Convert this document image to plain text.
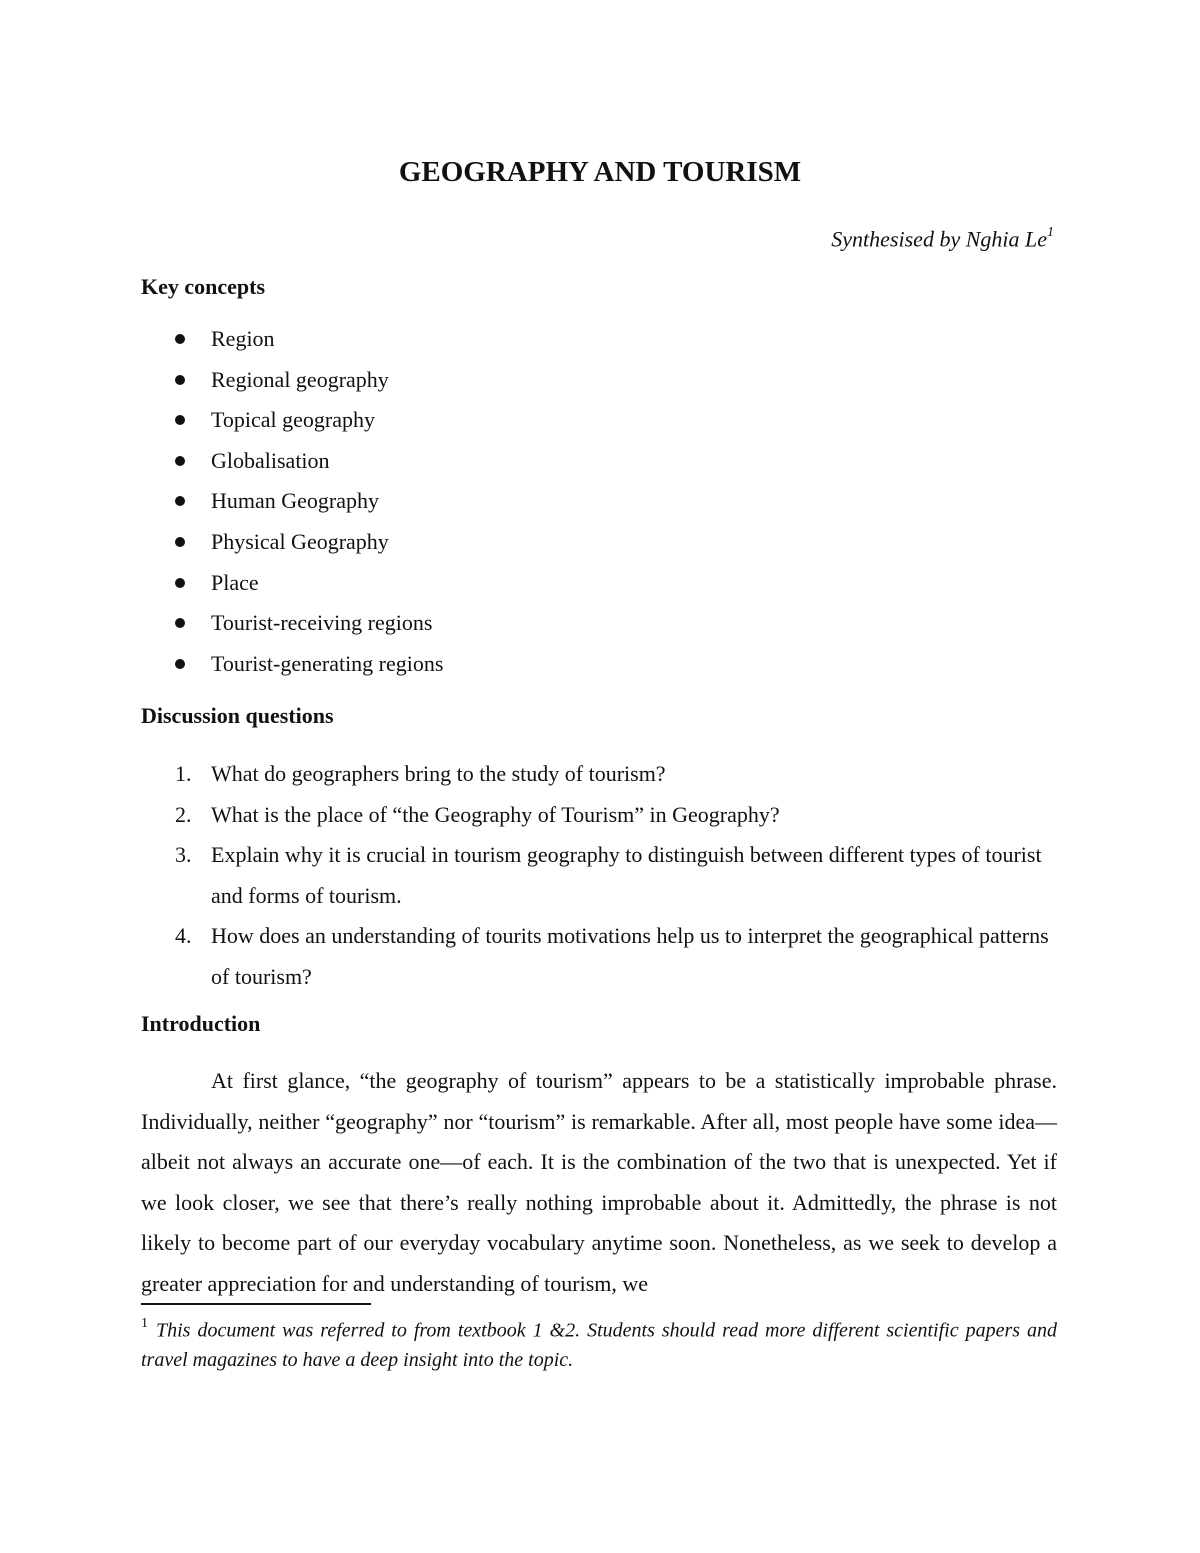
GEOGRAPHY AND TOURISM
Synthesised by Nghia Le$^1$
Key concepts
Region
Regional geography
Topical geography
Globalisation
Human Geography
Physical Geography
Place
Tourist-receiving regions
Tourist-generating regions
Discussion questions
1. What do geographers bring to the study of tourism?
2. What is the place of “the Geography of Tourism” in Geography?
3. Explain why it is crucial in tourism geography to distinguish between different types of tourist and forms of tourism.
4. How does an understanding of tourits motivations help us to interpret the geographical patterns of tourism?
Introduction

At first glance, “the geography of tourism” appears to be a statistically improbable phrase. Individually, neither “geography” nor “tourism” is remarkable. After all, most people have some idea—albeit not always an accurate one—of each. It is the combination of the two that is unexpected. Yet if we look closer, we see that there’s really nothing improbable about it. Admittedly, the phrase is not likely to become part of our everyday vocabulary anytime soon. Nonetheless, as we seek to develop a greater appreciation for and understanding of tourism, we

$^1$ This document was referred to from textbook 1 &2. Students should read more different scientific papers and travel magazines to have a deep insight into the topic.
